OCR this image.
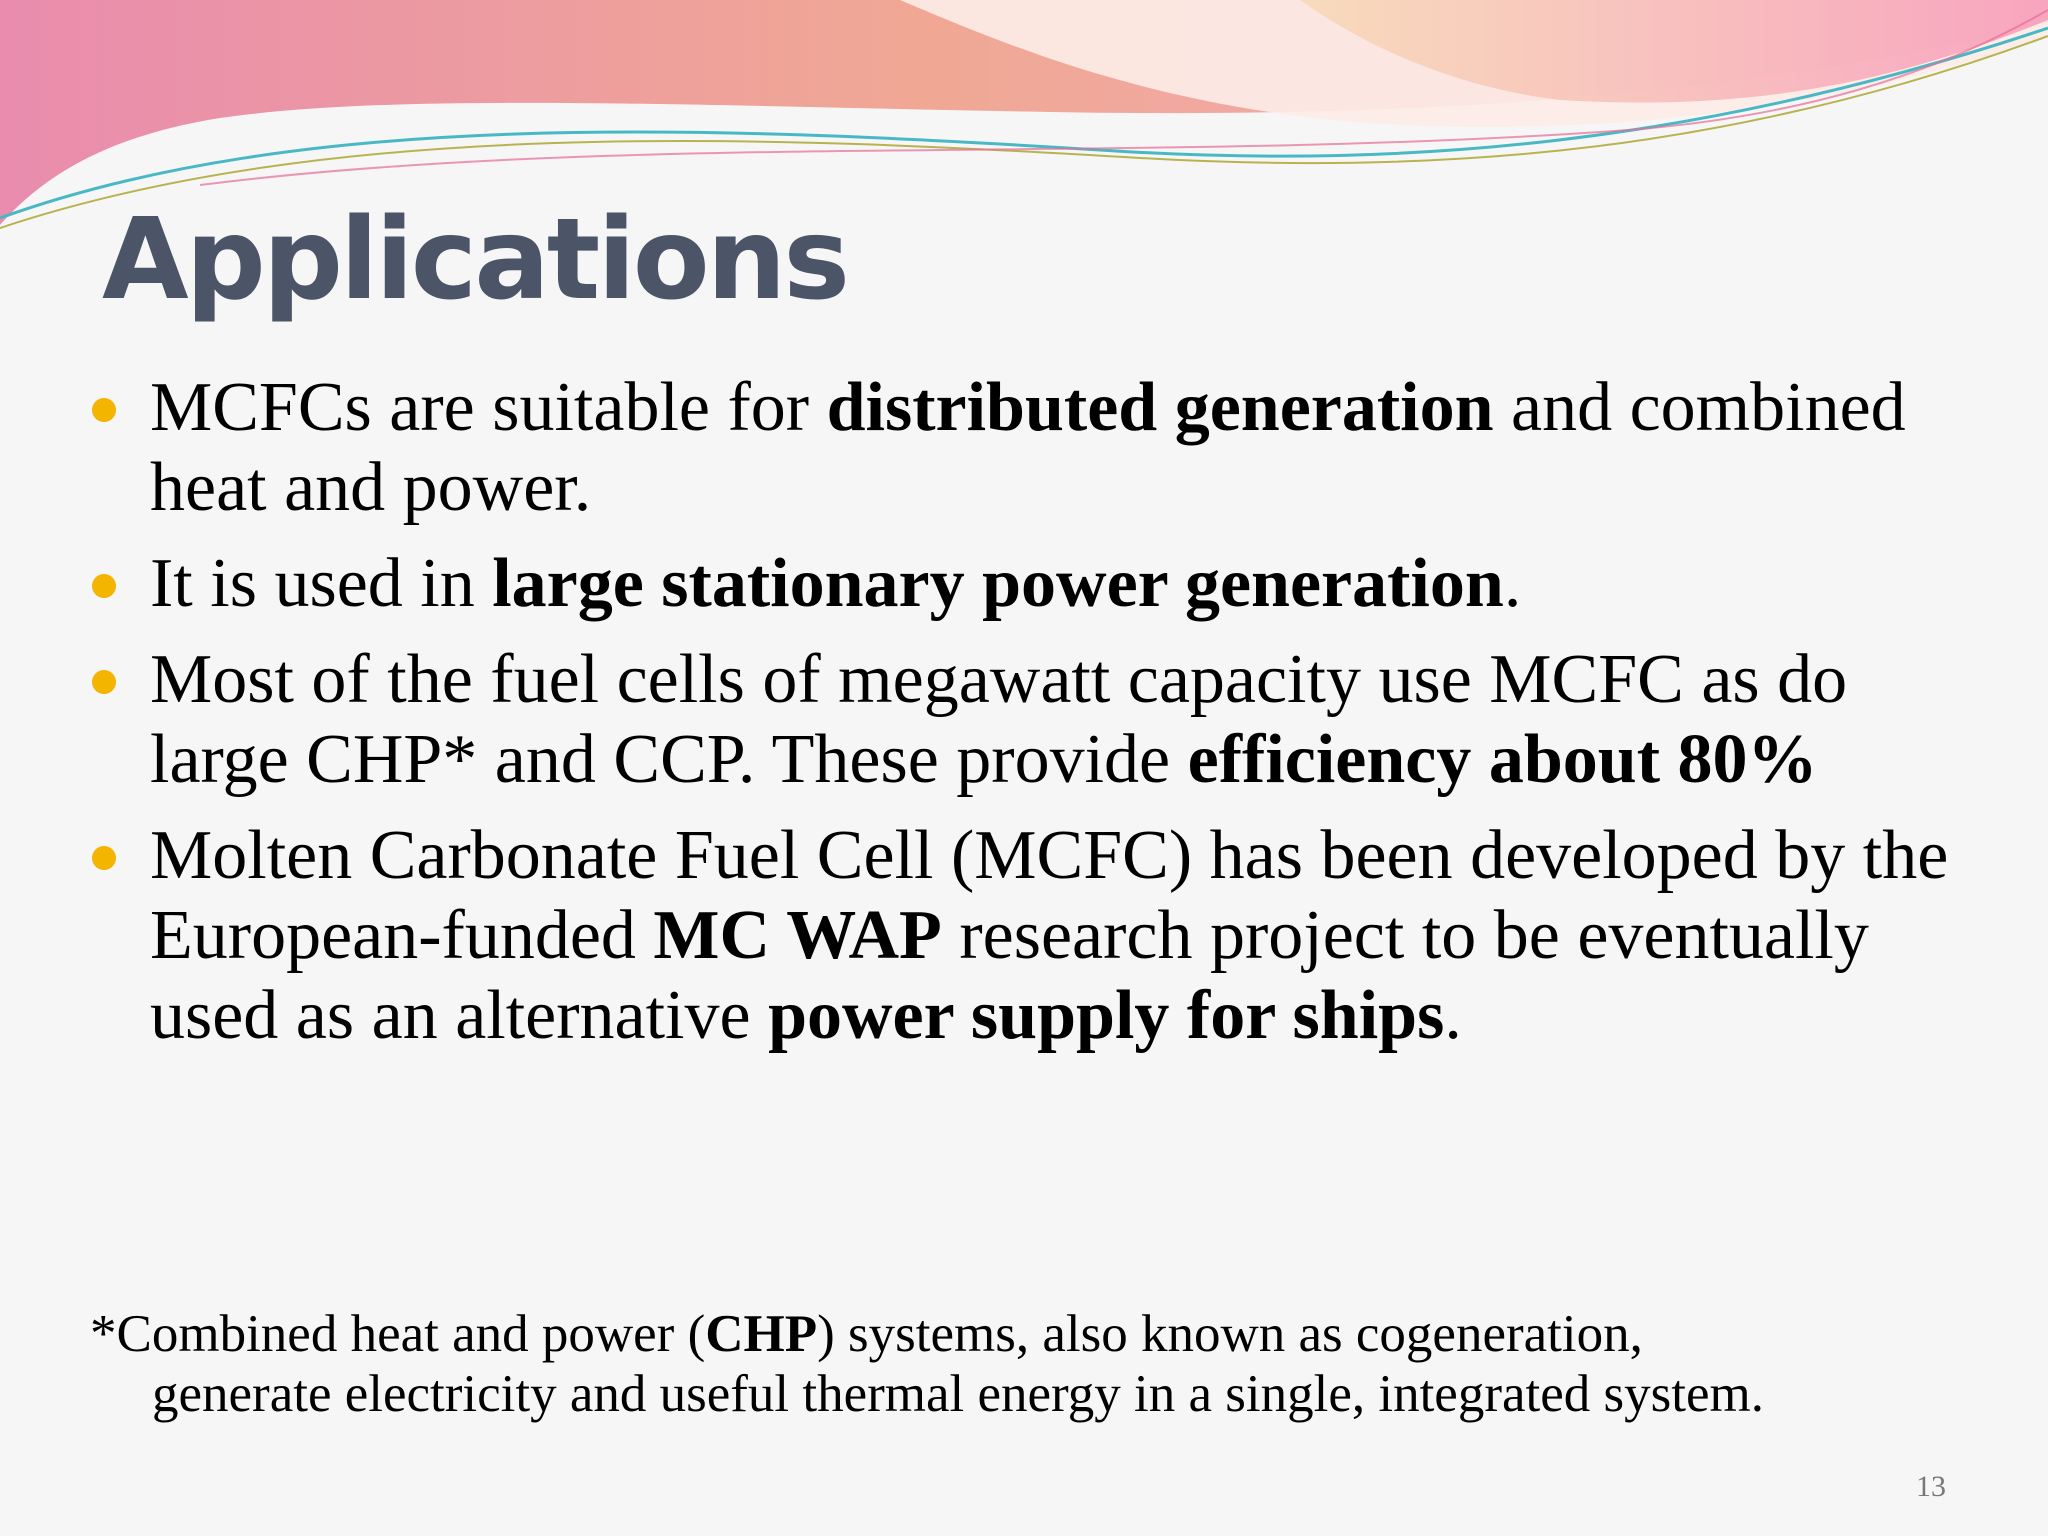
Applications
MCFCs are suitable for distributed generation and combined heat and power.
It is used in large stationary power generation.
Most of the fuel cells of megawatt capacity use MCFC as do large CHP* and CCP. These provide efficiency about 80%
Molten Carbonate Fuel Cell (MCFC) has been developed by the European-funded MC WAP research project to be eventually used as an alternative power supply for ships.
*Combined heat and power (CHP) systems, also known as cogeneration,
generate electricity and useful thermal energy in a single, integrated system.
13
